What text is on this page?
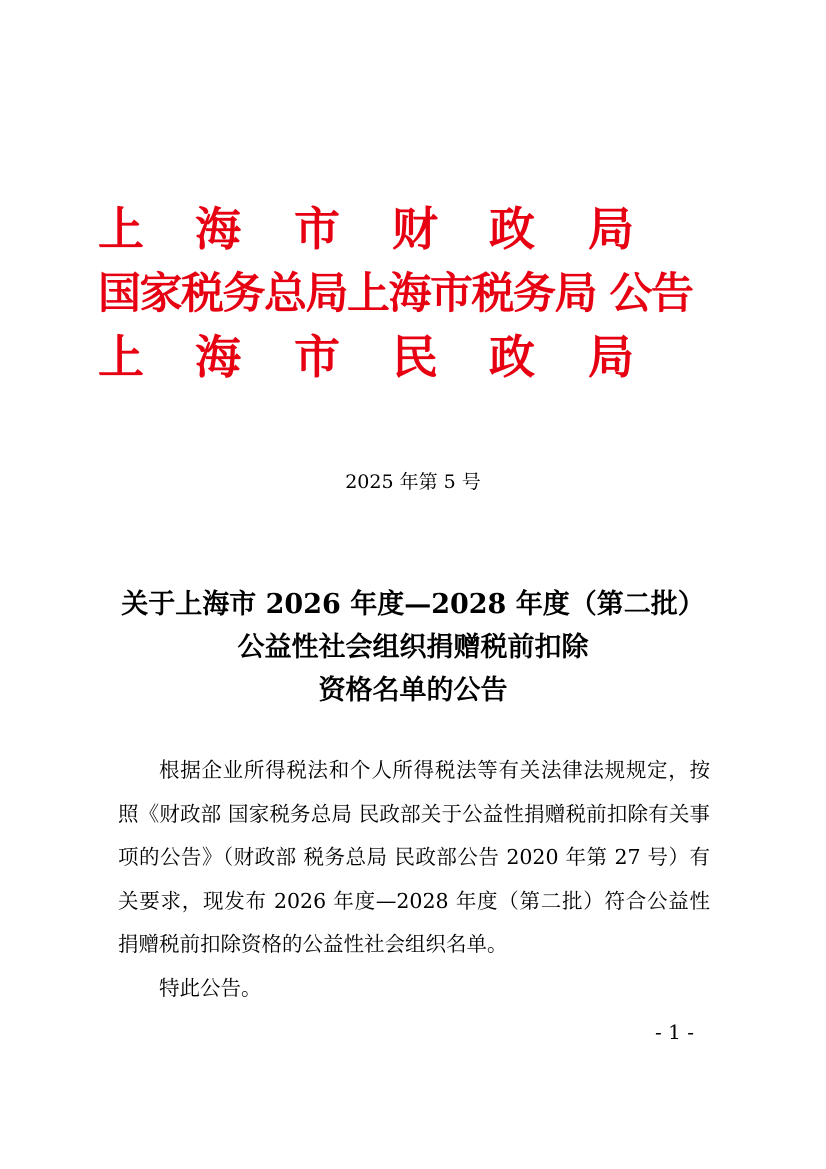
上 海 市 财 政 局
国家税务总局上海市税务局 公告
上 海 市 民 政 局

2025 年第 5 号

关于上海市 2026 年度—2028 年度（第二批）
公益性社会组织捐赠税前扣除
资格名单的公告

根据企业所得税法和个人所得税法等有关法律法规规定，按照《财政部 国家税务总局 民政部关于公益性捐赠税前扣除有关事项的公告》（财政部 税务总局 民政部公告 2020 年第 27 号）有关要求，现发布 2026 年度—2028 年度（第二批）符合公益性捐赠税前扣除资格的公益性社会组织名单。

特此公告。

- 1 -
